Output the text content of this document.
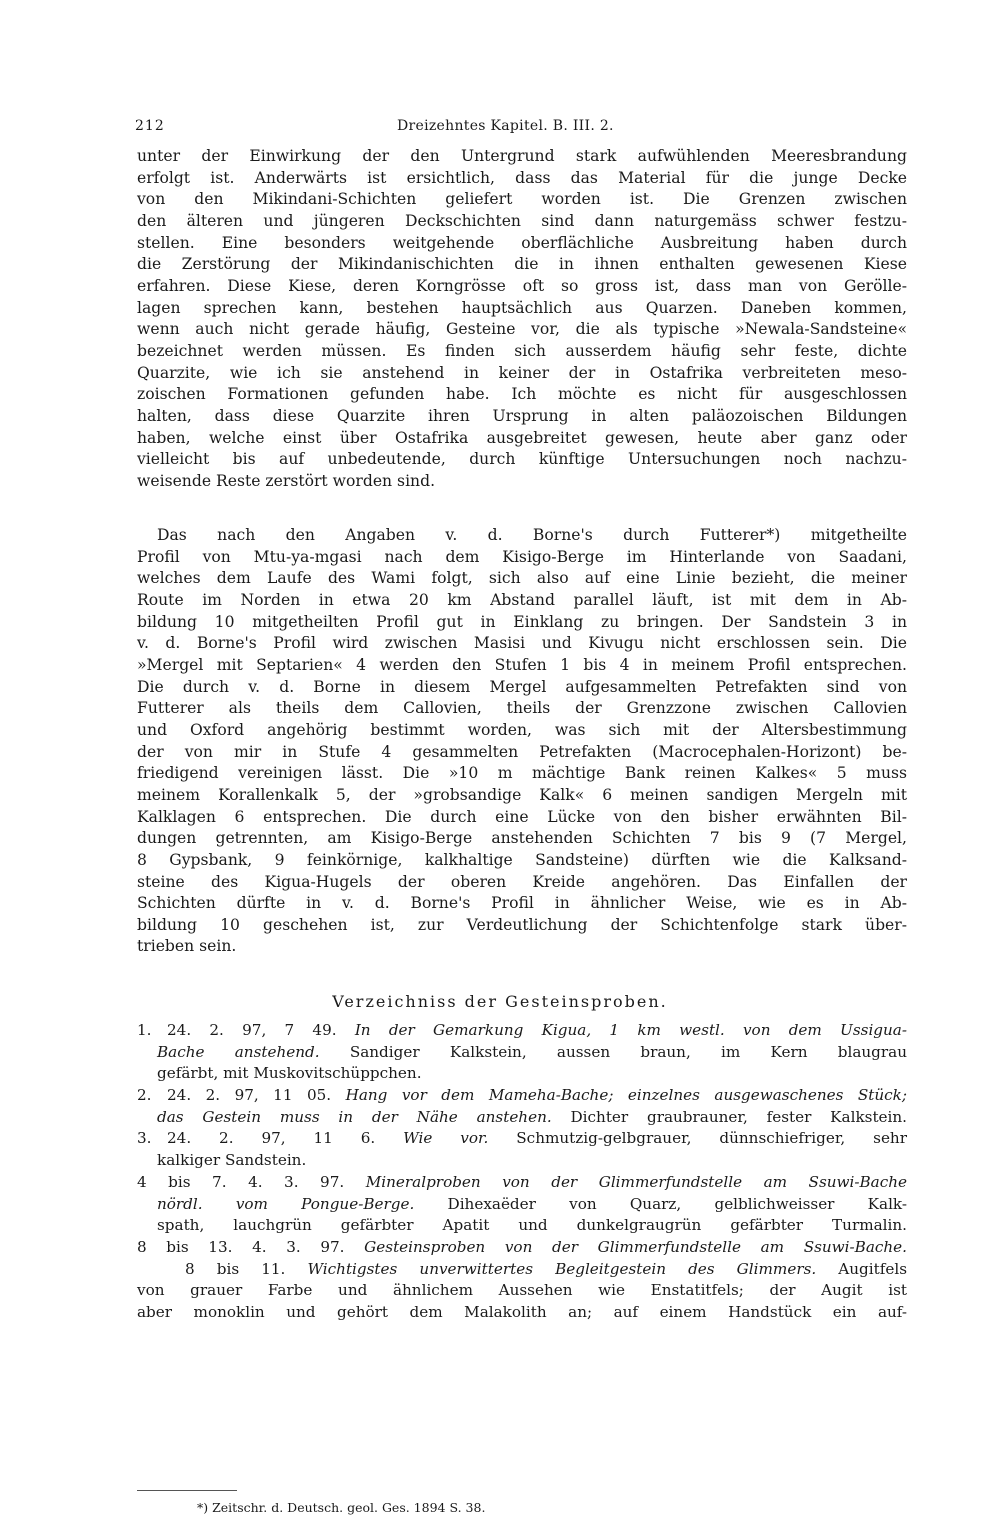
212	Dreizehntes Kapitel. B. III. 2.
unter der Einwirkung der den Untergrund stark aufwühlenden Meeresbrandung
erfolgt ist. Anderwärts ist ersichtlich, dass das Material für die junge Decke
von den Mikindani-Schichten geliefert worden ist. Die Grenzen zwischen
den älteren und jüngeren Deckschichten sind dann naturgemäss schwer festzu-
stellen. Eine besonders weitgehende oberflächliche Ausbreitung haben durch
die Zerstörung der Mikindanischichten die in ihnen enthalten gewesenen Kiese
erfahren. Diese Kiese, deren Korngrösse oft so gross ist, dass man von Gerölle-
lagen sprechen kann, bestehen hauptsächlich aus Quarzen. Daneben kommen,
wenn auch nicht gerade häufig, Gesteine vor, die als typische »Newala-Sandsteine«
bezeichnet werden müssen. Es finden sich ausserdem häufig sehr feste, dichte
Quarzite, wie ich sie anstehend in keiner der in Ostafrika verbreiteten meso-
zoischen Formationen gefunden habe. Ich möchte es nicht für ausgeschlossen
halten, dass diese Quarzite ihren Ursprung in alten paläozoischen Bildungen
haben, welche einst über Ostafrika ausgebreitet gewesen, heute aber ganz oder
vielleicht bis auf unbedeutende, durch künftige Untersuchungen noch nachzu-
weisende Reste zerstört worden sind.
Das nach den Angaben v. d. Borne's durch Futterer*) mitgetheilte
Profil von Mtu-ya-mgasi nach dem Kisigo-Berge im Hinterlande von Saadani,
welches dem Laufe des Wami folgt, sich also auf eine Linie bezieht, die meiner
Route im Norden in etwa 20 km Abstand parallel läuft, ist mit dem in Ab-
bildung 10 mitgetheilten Profil gut in Einklang zu bringen. Der Sandstein 3 in
v. d. Borne's Profil wird zwischen Masisi und Kivugu nicht erschlossen sein. Die
»Mergel mit Septarien« 4 werden den Stufen 1 bis 4 in meinem Profil entsprechen.
Die durch v. d. Borne in diesem Mergel aufgesammelten Petrefakten sind von
Futterer als theils dem Callovien, theils der Grenzzone zwischen Callovien
und Oxford angehörig bestimmt worden, was sich mit der Altersbestimmung
der von mir in Stufe 4 gesammelten Petrefakten (Macrocephalen-Horizont) be-
friedigend vereinigen lässt. Die »10 m mächtige Bank reinen Kalkes« 5 muss
meinem Korallenkalk 5, der »grobsandige Kalk« 6 meinen sandigen Mergeln mit
Kalklagen 6 entsprechen. Die durch eine Lücke von den bisher erwähnten Bil-
dungen getrennten, am Kisigo-Berge anstehenden Schichten 7 bis 9 (7 Mergel,
8 Gypsbank, 9 feinkörnige, kalkhaltige Sandsteine) dürften wie die Kalksand-
steine des Kigua-Hugels der oberen Kreide angehören. Das Einfallen der
Schichten dürfte in v. d. Borne's Profil in ähnlicher Weise, wie es in Ab-
bildung 10 geschehen ist, zur Verdeutlichung der Schichtenfolge stark über-
trieben sein.
Verzeichniss der Gesteinsproben.
1. 24. 2. 97, 7 49. In der Gemarkung Kigua, 1 km westl. von dem Ussigua-
Bache anstehend. Sandiger Kalkstein, aussen braun, im Kern blaugrau
gefärbt, mit Muskovitschüppchen.
2. 24. 2. 97, 11 05. Hang vor dem Mameha-Bache; einzelnes ausgewaschenes Stück;
das Gestein muss in der Nähe anstehen. Dichter graubrauner, fester Kalkstein.
3. 24. 2. 97, 11 6. Wie vor. Schmutzig-gelbgrauer, dünnschiefriger, sehr
kalkiger Sandstein.
4 bis 7. 4. 3. 97. Mineralproben von der Glimmerfundstelle am Ssuwi-Bache
nördl. vom Pongue-Berge. Dihexaëder von Quarz, gelblichweisser Kalk-
spath, lauchgrün gefärbter Apatit und dunkelgraugrün gefärbter Turmalin.
8 bis 13. 4. 3. 97. Gesteinsproben von der Glimmerfundstelle am Ssuwi-Bache.
8 bis 11. Wichtigstes unverwittertes Begleitgestein des Glimmers. Augitfels
von grauer Farbe und ähnlichem Aussehen wie Enstatitfels; der Augit ist
aber monoklin und gehört dem Malakolith an; auf einem Handstück ein auf-
*) Zeitschr. d. Deutsch. geol. Ges. 1894 S. 38.
